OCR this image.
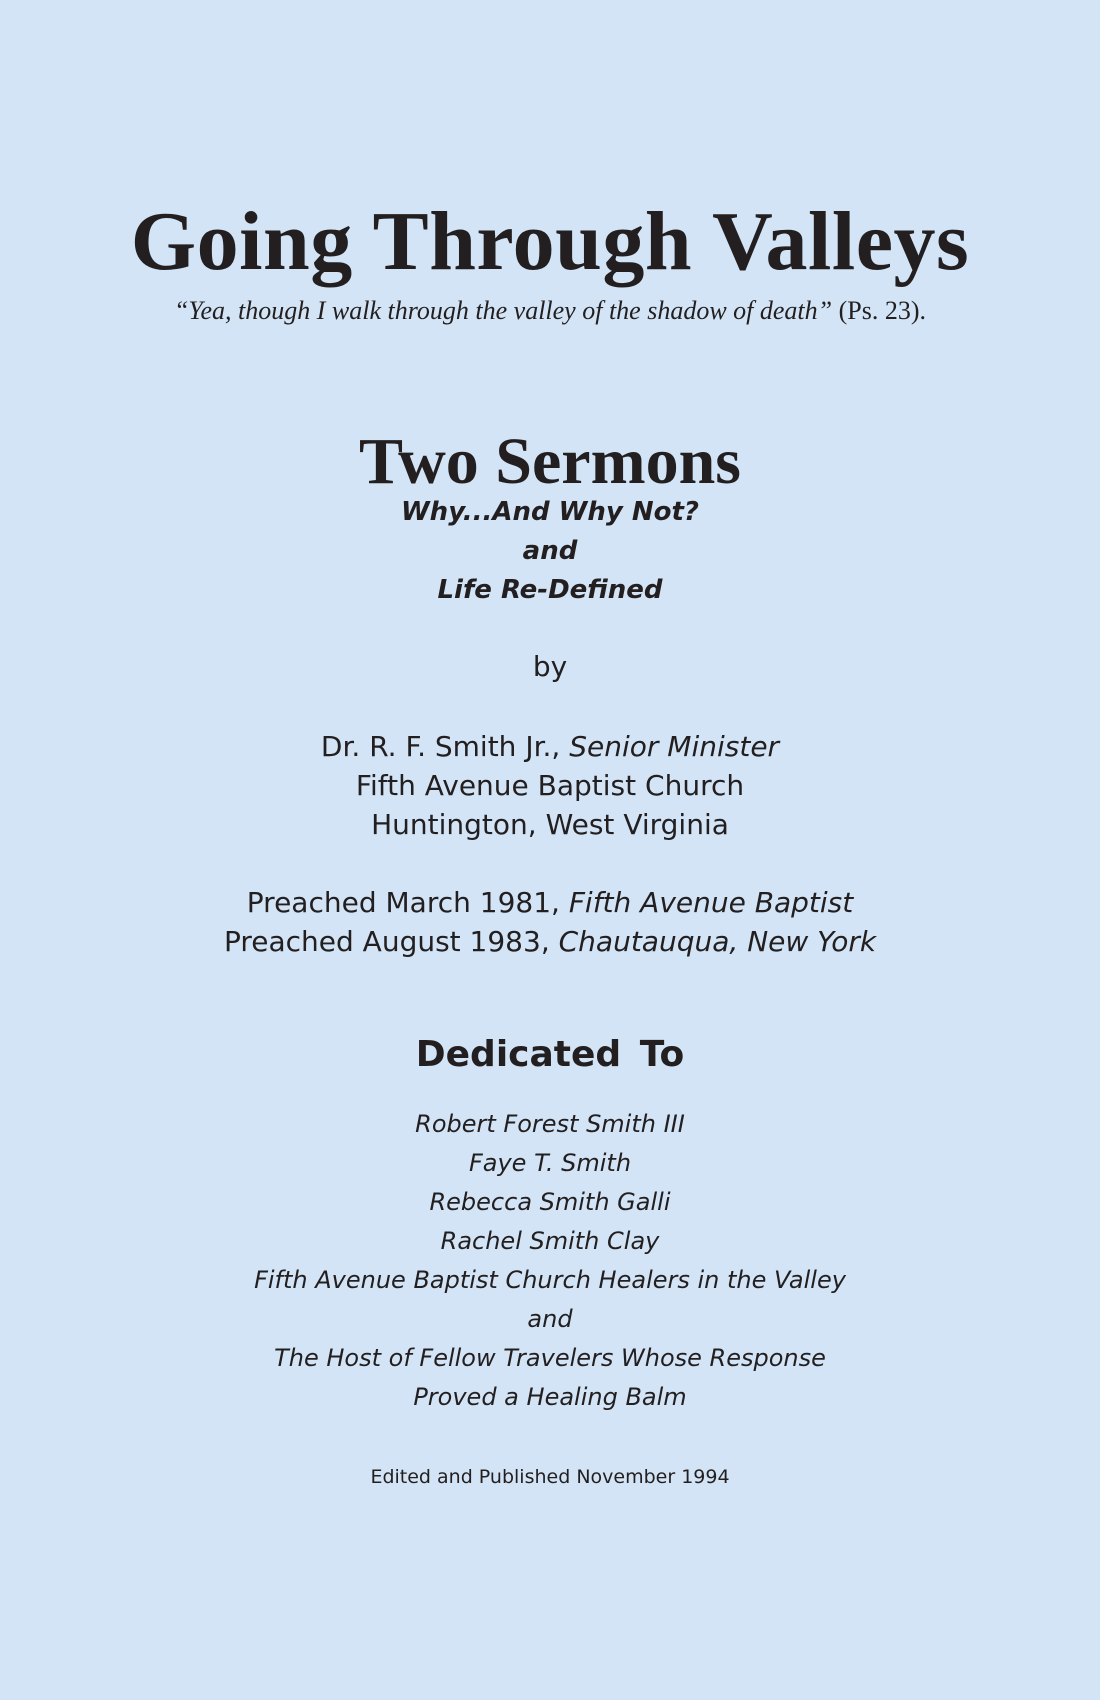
Going Through Valleys

“Yea, though I walk through the valley of the shadow of death” (Ps. 23).

Two Sermons
Why...And Why Not?
and
Life Re-Defined
by
Dr. R. F. Smith Jr., Senior Minister
Fifth Avenue Baptist Church
Huntington, West Virginia
Preached March 1981, Fifth Avenue Baptist
Preached August 1983, Chautauqua, New York
Dedicated To
Robert Forest Smith III
Faye T. Smith
Rebecca Smith Galli
Rachel Smith Clay
Fifth Avenue Baptist Church Healers in the Valley
and
The Host of Fellow Travelers Whose Response
Proved a Healing Balm
Edited and Published November 1994
